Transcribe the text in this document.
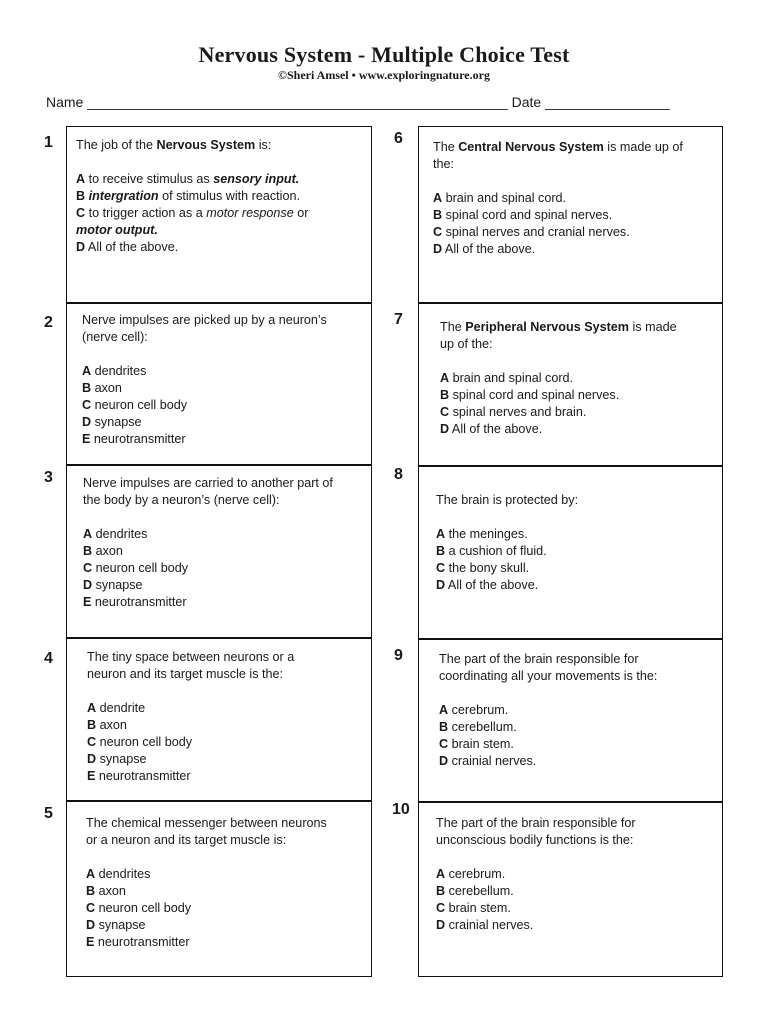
Nervous System - Multiple Choice Test
©Sheri Amsel • www.exploringnature.org
Name ______________________________________________________ Date ________________
1
2
3
4
5
6
7
8
9
10

The job of the Nervous System is:

A to receive stimulus as sensory input.

B intergration of stimulus with reaction.

C to trigger action as a motor response or

motor output.

D All of the above.

Nerve impulses are picked up by a neuron’s

(nerve cell):

A dendrites

B axon

C neuron cell body

D synapse

E neurotransmitter

Nerve impulses are carried to another part of

the body by a neuron’s (nerve cell):

A dendrites

B axon

C neuron cell body

D synapse

E neurotransmitter

The tiny space between neurons or a

neuron and its target muscle is the:

A dendrite

B axon

C neuron cell body

D synapse

E neurotransmitter

The chemical messenger between neurons

or a neuron and its target muscle is:

A dendrites

B axon

C neuron cell body

D synapse

E neurotransmitter

The Central Nervous System is made up of

the:

A brain and spinal cord.

B spinal cord and spinal nerves.

C spinal nerves and cranial nerves.

D All of the above.

The Peripheral Nervous System is made

up of the:

A brain and spinal cord.

B spinal cord and spinal nerves.

C spinal nerves and brain.

D All of the above.

The brain is protected by:

A the meninges.

B a cushion of fluid.

C the bony skull.

D All of the above.

The part of the brain responsible for

coordinating all your movements is the:

A cerebrum.

B cerebellum.

C brain stem.

D crainial nerves.

The part of the brain responsible for

unconscious bodily functions is the:

A cerebrum.

B cerebellum.

C brain stem.

D crainial nerves.
